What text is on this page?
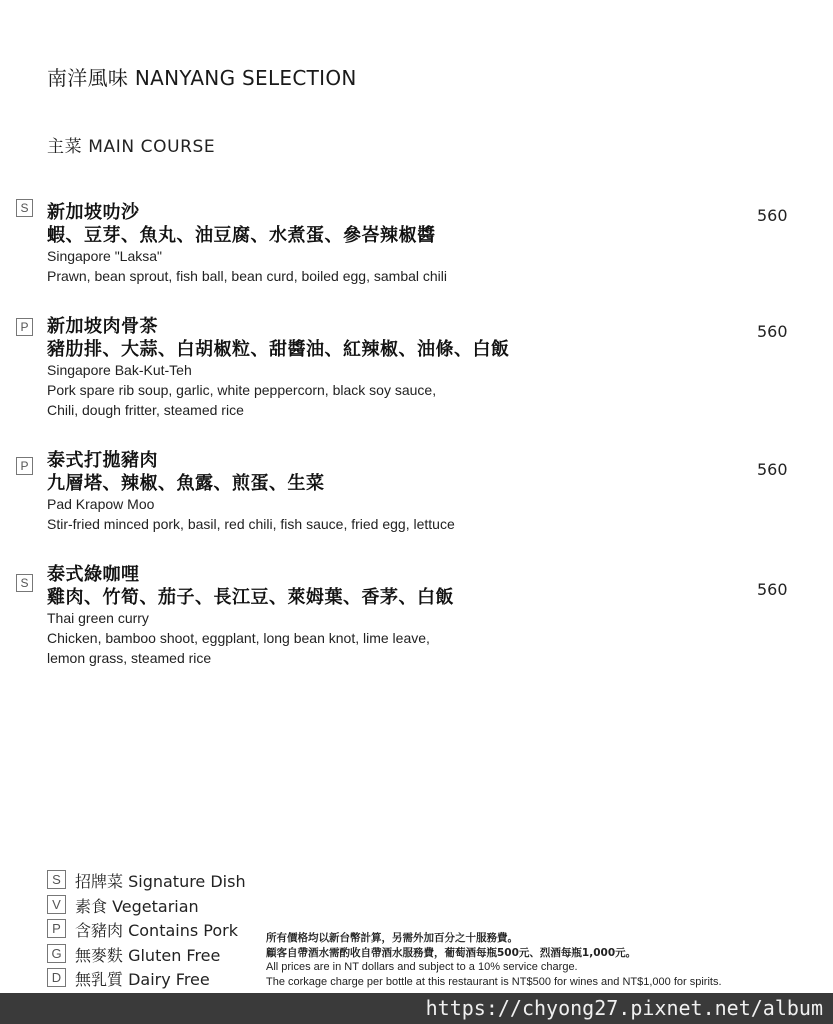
南洋風味 NANYANG SELECTION
主菜 MAIN COURSE
S 新加坡叻沙
蝦、豆芽、魚丸、油豆腐、水煮蛋、參峇辣椒醬
Singapore "Laksa"
Prawn, bean sprout, fish ball, bean curd, boiled egg, sambal chili
560
P 新加坡肉骨茶
豬肋排、大蒜、白胡椒粒、甜醬油、紅辣椒、油條、白飯
Singapore Bak-Kut-Teh
Pork spare rib soup, garlic, white peppercorn, black soy sauce,
Chili, dough fritter, steamed rice
560
P 泰式打拋豬肉
九層塔、辣椒、魚露、煎蛋、生菜
Pad Krapow Moo
Stir-fried minced pork, basil, red chili, fish sauce, fried egg, lettuce
560
S 泰式綠咖哩
雞肉、竹筍、茄子、長江豆、萊姆葉、香茅、白飯
Thai green curry
Chicken, bamboo shoot, eggplant, long bean knot, lime leave,
lemon grass, steamed rice
560
S 招牌菜 Signature Dish
V 素食 Vegetarian
P 含豬肉 Contains Pork
G 無麥麩 Gluten Free
D 無乳質 Dairy Free
所有價格均以新台幣計算，另需外加百分之十服務費。
顧客自帶酒水需酌收自帶酒水服務費，葡萄酒每瓶500元、烈酒每瓶1,000元。
All prices are in NT dollars and subject to a 10% service charge.
The corkage charge per bottle at this restaurant is NT$500 for wines and NT$1,000 for spirits.
https://chyong27.pixnet.net/album
